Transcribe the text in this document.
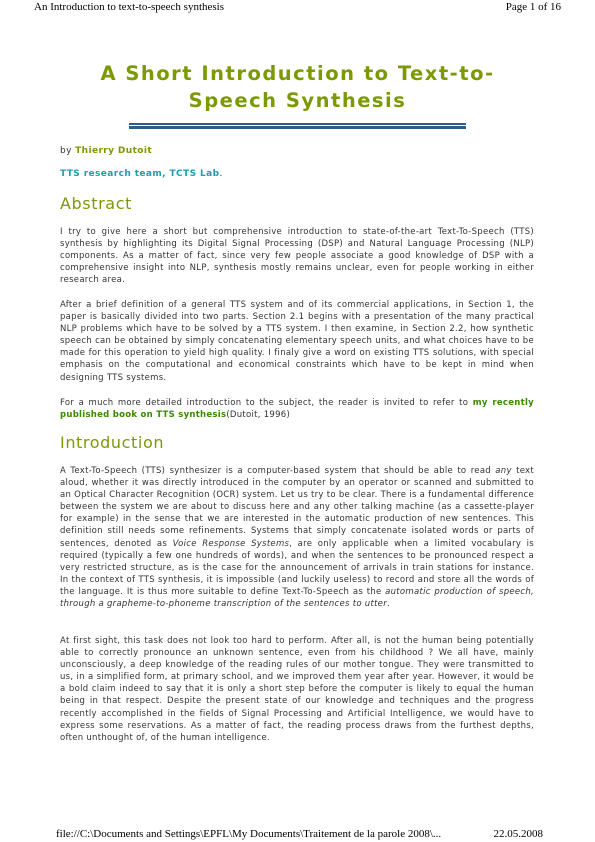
An Introduction to text-to-speech synthesis	Page 1 of 16
A Short Introduction to Text-to-Speech Synthesis
by Thierry Dutoit
TTS research team, TCTS Lab.
Abstract

I try to give here a short but comprehensive introduction to state-of-the-art Text-To-Speech (TTS) synthesis by highlighting its Digital Signal Processing (DSP) and Natural Language Processing (NLP) components. As a matter of fact, since very few people associate a good knowledge of DSP with a comprehensive insight into NLP, synthesis mostly remains unclear, even for people working in either research area.

After a brief definition of a general TTS system and of its commercial applications, in Section 1, the paper is basically divided into two parts. Section 2.1 begins with a presentation of the many practical NLP problems which have to be solved by a TTS system. I then examine, in Section 2.2, how synthetic speech can be obtained by simply concatenating elementary speech units, and what choices have to be made for this operation to yield high quality. I finaly give a word on existing TTS solutions, with special emphasis on the computational and economical constraints which have to be kept in mind when designing TTS systems.

For a much more detailed introduction to the subject, the reader is invited to refer to my recently published book on TTS synthesis(Dutoit, 1996)

Introduction

A Text-To-Speech (TTS) synthesizer is a computer-based system that should be able to read any text aloud, whether it was directly introduced in the computer by an operator or scanned and submitted to an Optical Character Recognition (OCR) system. Let us try to be clear. There is a fundamental difference between the system we are about to discuss here and any other talking machine (as a cassette-player for example) in the sense that we are interested in the automatic production of new sentences. This definition still needs some refinements. Systems that simply concatenate isolated words or parts of sentences, denoted as Voice Response Systems, are only applicable when a limited vocabulary is required (typically a few one hundreds of words), and when the sentences to be pronounced respect a very restricted structure, as is the case for the announcement of arrivals in train stations for instance. In the context of TTS synthesis, it is impossible (and luckily useless) to record and store all the words of the language. It is thus more suitable to define Text-To-Speech as the automatic production of speech, through a grapheme-to-phoneme transcription of the sentences to utter.

At first sight, this task does not look too hard to perform. After all, is not the human being potentially able to correctly pronounce an unknown sentence, even from his childhood ? We all have, mainly unconsciously, a deep knowledge of the reading rules of our mother tongue. They were transmitted to us, in a simplified form, at primary school, and we improved them year after year. However, it would be a bold claim indeed to say that it is only a short step before the computer is likely to equal the human being in that respect. Despite the present state of our knowledge and techniques and the progress recently accomplished in the fields of Signal Processing and Artificial Intelligence, we would have to express some reservations. As a matter of fact, the reading process draws from the furthest depths, often unthought of, of the human intelligence.

file://C:\Documents and Settings\EPFL\My Documents\Traitement de la parole 2008\...	22.05.2008
